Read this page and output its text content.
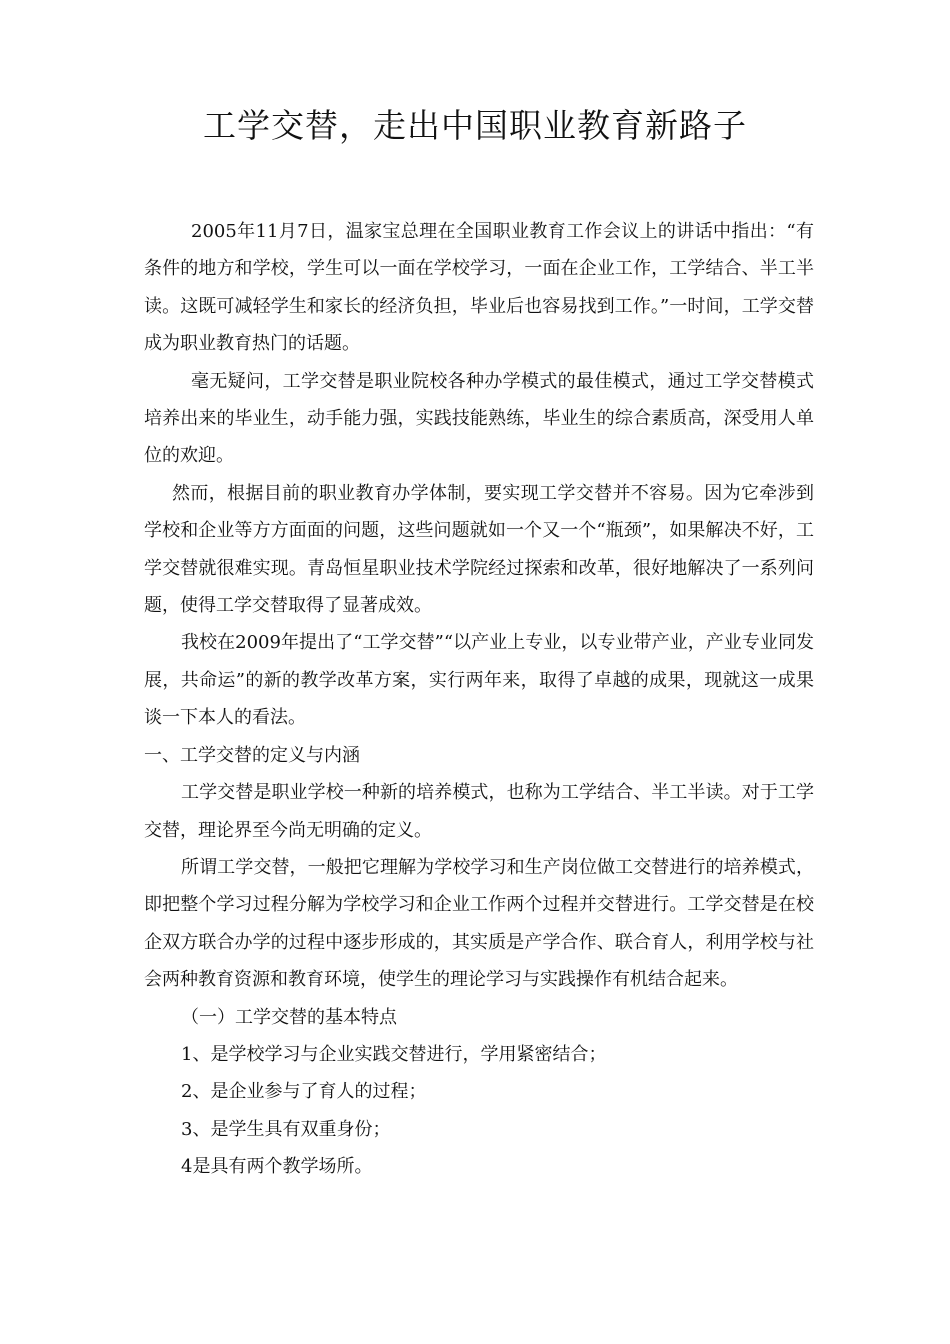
工学交替，走出中国职业教育新路子

2005年11月7日，温家宝总理在全国职业教育工作会议上的讲话中指出：“有条件的地方和学校，学生可以一面在学校学习，一面在企业工作，工学结合、半工半读。这既可减轻学生和家长的经济负担，毕业后也容易找到工作。”一时间，工学交替成为职业教育热门的话题。

毫无疑问，工学交替是职业院校各种办学模式的最佳模式，通过工学交替模式培养出来的毕业生，动手能力强，实践技能熟练，毕业生的综合素质高，深受用人单位的欢迎。

然而，根据目前的职业教育办学体制，要实现工学交替并不容易。因为它牵涉到学校和企业等方方面面的问题，这些问题就如一个又一个“瓶颈”，如果解决不好，工学交替就很难实现。青岛恒星职业技术学院经过探索和改革，很好地解决了一系列问题，使得工学交替取得了显著成效。

我校在2009年提出了“工学交替”“以产业上专业，以专业带产业，产业专业同发展，共命运”的新的教学改革方案，实行两年来，取得了卓越的成果，现就这一成果谈一下本人的看法。

一、工学交替的定义与内涵

工学交替是职业学校一种新的培养模式，也称为工学结合、半工半读。对于工学交替，理论界至今尚无明确的定义。

所谓工学交替，一般把它理解为学校学习和生产岗位做工交替进行的培养模式，即把整个学习过程分解为学校学习和企业工作两个过程并交替进行。工学交替是在校企双方联合办学的过程中逐步形成的，其实质是产学合作、联合育人，利用学校与社会两种教育资源和教育环境，使学生的理论学习与实践操作有机结合起来。

（一）工学交替的基本特点

1、是学校学习与企业实践交替进行，学用紧密结合；

2、是企业参与了育人的过程；

3、是学生具有双重身份；

4是具有两个教学场所。
